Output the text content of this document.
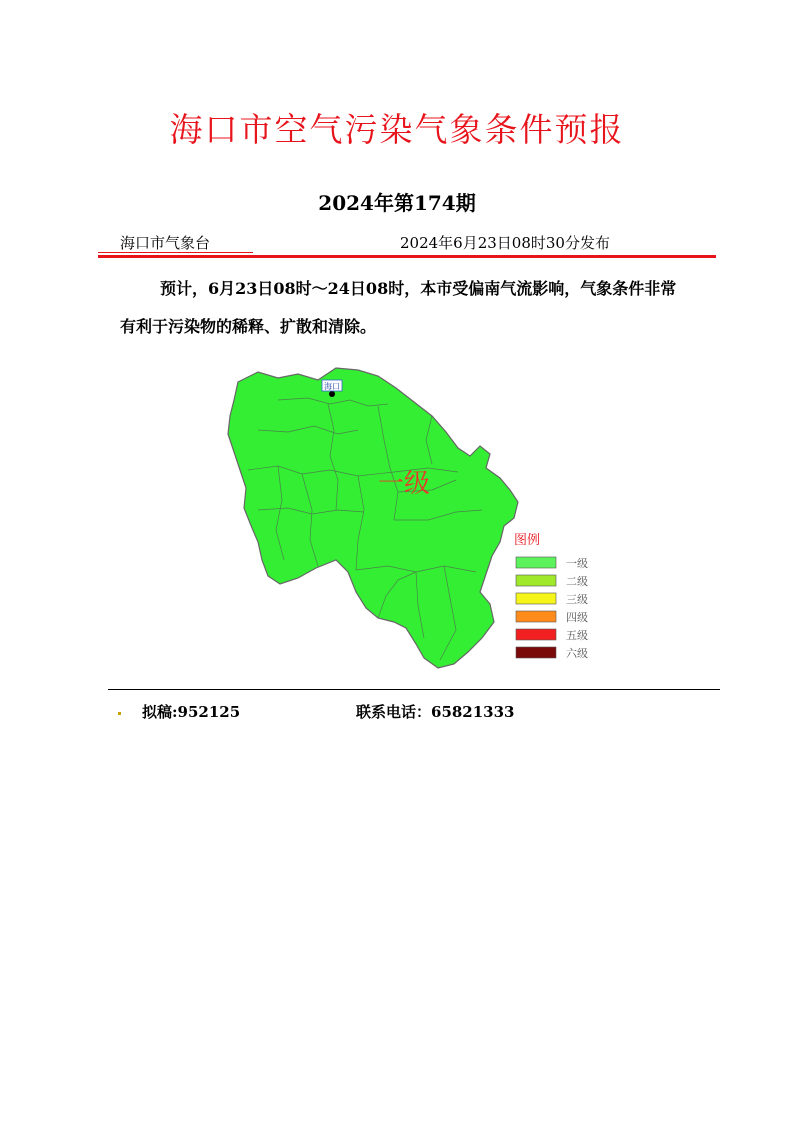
海口市空气污染气象条件预报
2024年第174期
海口市气象台	2024年6月23日08时30分发布
预计，6月23日08时～24日08时，本市受偏南气流影响，气象条件非常有利于污染物的稀释、扩散和清除。
海口
一级
图例
一级
二级
三级
四级
五级
六级
拟稿:952125	联系电话：65821333
